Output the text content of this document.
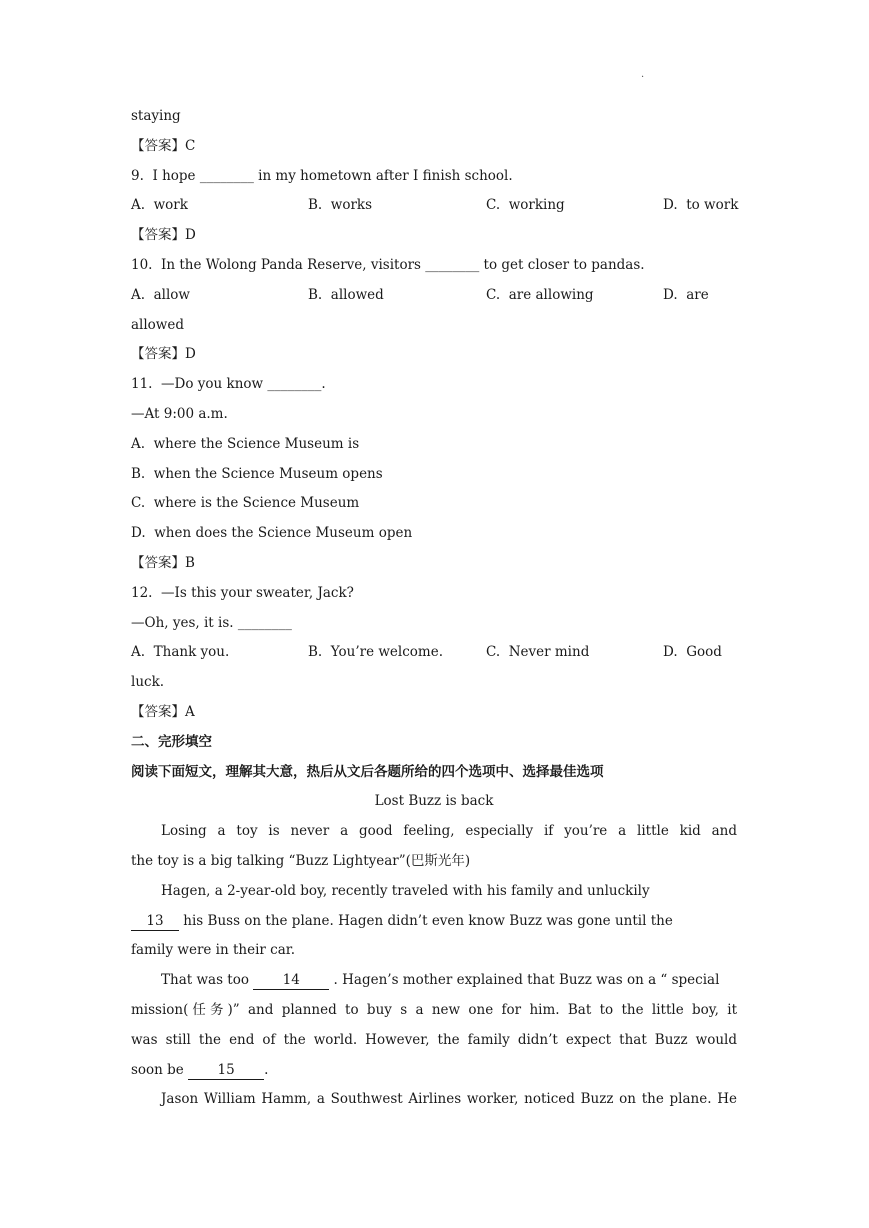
·
staying
【答案】C
9.  I hope ________ in my hometown after I finish school.

A.  work

	B.  works

	C.  working

	D.  to work

【答案】D
10.  In the Wolong Panda Reserve, visitors ________ to get closer to pandas.

A.  allow

	B.  allowed

	C.  are allowing

	D.  are

allowed
【答案】D
11.  —Do you know ________.
—At 9:00 a.m.
A.  where the Science Museum is
B.  when the Science Museum opens
C.  where is the Science Museum
D.  when does the Science Museum open
【答案】B
12.  —Is this your sweater, Jack?
—Oh, yes, it is. ________

A.  Thank you.

	B.  You’re welcome.

	C.  Never mind

	D.  Good

luck.
【答案】A
二、完形填空
阅读下面短文，理解其大意，热后从文后各题所给的四个选项中、选择最佳选项
Lost Buzz is back
Losing a toy is never a good feeling, especially if you’re a little kid and
the toy is a big talking “Buzz Lightyear”(巴斯光年)
Hagen, a 2-year-old boy, recently traveled with his family and unluckily
13 his Buss on the plane. Hagen didn’t even know Buzz was gone until the
family were in their car.
That was too 14 . Hagen’s mother explained that Buzz was on a “ special
mission(任务)” and planned to buy s a new one for him. Bat to the little boy, it
was still the end of the world. However, the family didn’t expect that Buzz would
soon be 15 .
Jason William Hamm, a Southwest Airlines worker, noticed Buzz on the plane. He
